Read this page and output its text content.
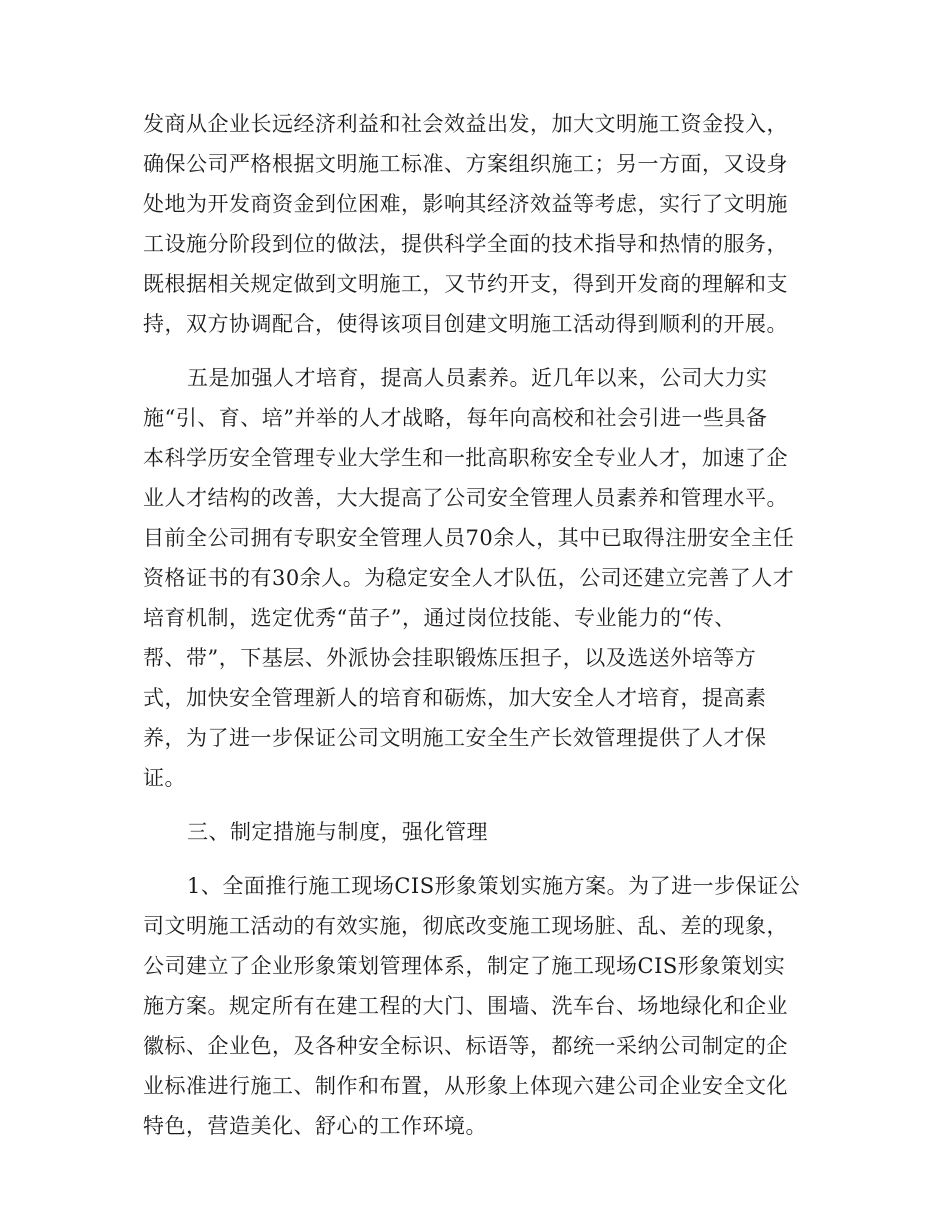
发商从企业长远经济利益和社会效益出发，加大文明施工资金投入，
确保公司严格根据文明施工标准、方案组织施工；另一方面，又设身
处地为开发商资金到位困难，影响其经济效益等考虑，实行了文明施
工设施分阶段到位的做法，提供科学全面的技术指导和热情的服务，
既根据相关规定做到文明施工，又节约开支，得到开发商的理解和支
持，双方协调配合，使得该项目创建文明施工活动得到顺利的开展。
五是加强人才培育，提高人员素养。近几年以来，公司大力实
施“引、育、培”并举的人才战略，每年向高校和社会引进一些具备
本科学历安全管理专业大学生和一批高职称安全专业人才，加速了企
业人才结构的改善，大大提高了公司安全管理人员素养和管理水平。
目前全公司拥有专职安全管理人员70余人，其中已取得注册安全主任
资格证书的有30余人。为稳定安全人才队伍，公司还建立完善了人才
培育机制，选定优秀“苗子”，通过岗位技能、专业能力的“传、
帮、带”，下基层、外派协会挂职锻炼压担子，以及选送外培等方
式，加快安全管理新人的培育和砺炼，加大安全人才培育，提高素
养，为了进一步保证公司文明施工安全生产长效管理提供了人才保
证。
三、制定措施与制度，强化管理
1、全面推行施工现场CIS形象策划实施方案。为了进一步保证公
司文明施工活动的有效实施，彻底改变施工现场脏、乱、差的现象，
公司建立了企业形象策划管理体系，制定了施工现场CIS形象策划实
施方案。规定所有在建工程的大门、围墙、洗车台、场地绿化和企业
徽标、企业色，及各种安全标识、标语等，都统一采纳公司制定的企
业标准进行施工、制作和布置，从形象上体现六建公司企业安全文化
特色，营造美化、舒心的工作环境。
